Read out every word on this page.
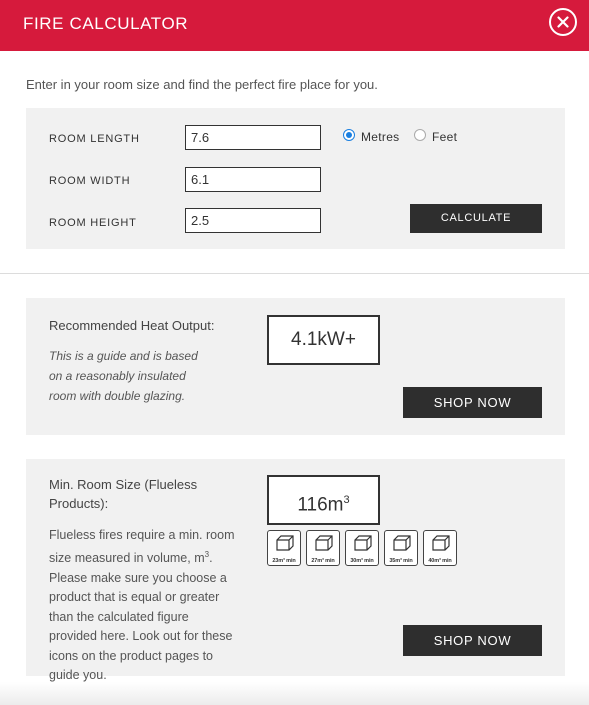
FIRE CALCULATOR
Enter in your room size and find the perfect fire place for you.
ROOM LENGTH	7.6
ROOM WIDTH	6.1
ROOM HEIGHT	2.5
Metres	Feet
CALCULATE
Recommended Heat Output:
This is a guide and is based on a reasonably insulated room with double glazing.
4.1kW+
SHOP NOW
Min. Room Size (Flueless Products):
Flueless fires require a min. room size measured in volume, $m^3$. Please make sure you choose a product that is equal or greater than the calculated figure provided here. Look out for these icons on the product pages to guide you.
$116m^3$
23m³ min	27m³ min	30m³ min	35m³ min	40m³ min
SHOP NOW
